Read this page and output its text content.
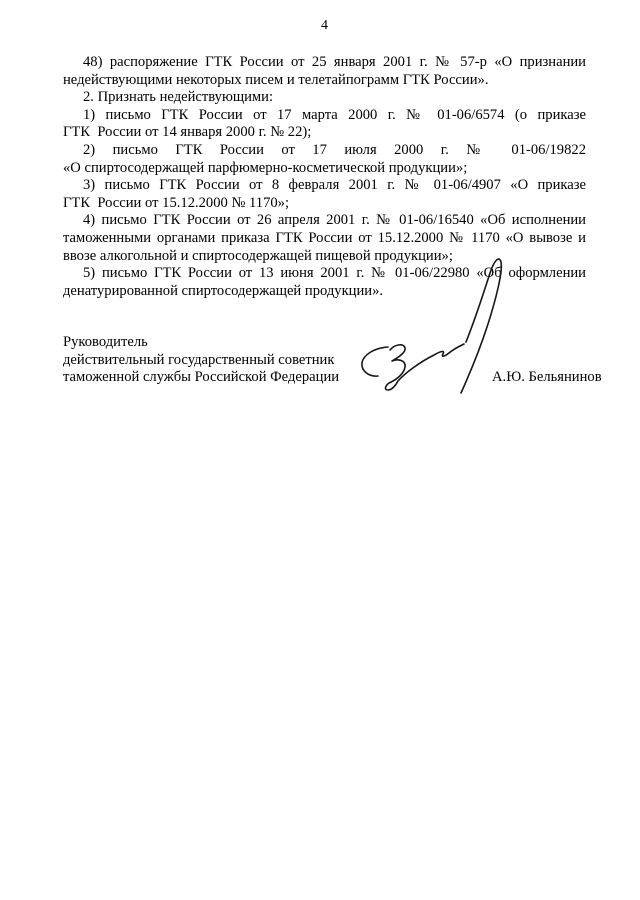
4
48) распоряжение ГТК России от 25 января 2001 г. № 57-р «О признании
недействующими некоторых писем и телетайпограмм ГТК России».
2. Признать недействующими:
1) письмо ГТК России от 17 марта 2000 г. № 01-06/6574 (о приказе
ГТК  России от 14 января 2000 г. № 22);
2) письмо ГТК России от 17 июля 2000 г. № 01-06/19822
«О спиртосодержащей парфюмерно-косметической продукции»;
3) письмо ГТК России от 8 февраля 2001 г. № 01-06/4907 «О приказе
ГТК  России от 15.12.2000 № 1170»;
4) письмо ГТК России от 26 апреля 2001 г. № 01-06/16540 «Об исполнении
таможенными органами приказа ГТК России от 15.12.2000 № 1170 «О вывозе и
ввозе алкогольной и спиртосодержащей пищевой продукции»;
5) письмо ГТК России от 13 июня 2001 г. № 01-06/22980 «Об оформлении
денатурированной спиртосодержащей продукции».
Руководитель
действительный государственный советник
таможенной службы Российской Федерации	А.Ю. Бельянинов
